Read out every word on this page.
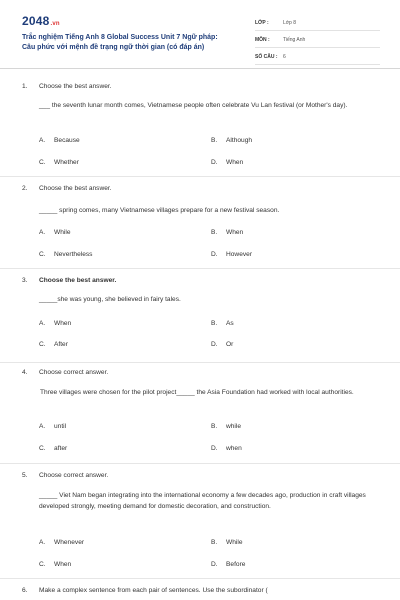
2048.vn
Trắc nghiệm Tiếng Anh 8 Global Success Unit 7 Ngữ pháp:
Câu phức với mệnh đề trạng ngữ thời gian (có đáp án)
LỚP :	Lớp 8
MÔN :	Tiếng Anh
SỐ CÂU : 6
1. Choose the best answer.
___ the seventh lunar month comes, Vietnamese people often celebrate Vu Lan festival (or Mother's day).
A. Because	B. Although
C. Whether	D. When
2. Choose the best answer.
_____ spring comes, many Vietnamese villages prepare for a new festival season.
A. While	B. When
C. Nevertheless	D. However
3. Choose the best answer.
_____she was young, she believed in fairy tales.
A. When	B. As
C. After	D. Or
4. Choose correct answer.
Three villages were chosen for the pilot project_____ the Asia Foundation had worked with local authorities.
A. until	B. while
C. after	D. when
5. Choose correct answer.
_____ Viet Nam began integrating into the international economy a few decades ago, production in craft villages developed strongly, meeting demand for domestic decoration, and construction.
A. Whenever	B. While
C. When	D. Before
6. Make a complex sentence from each pair of sentences. Use the subordinator (
